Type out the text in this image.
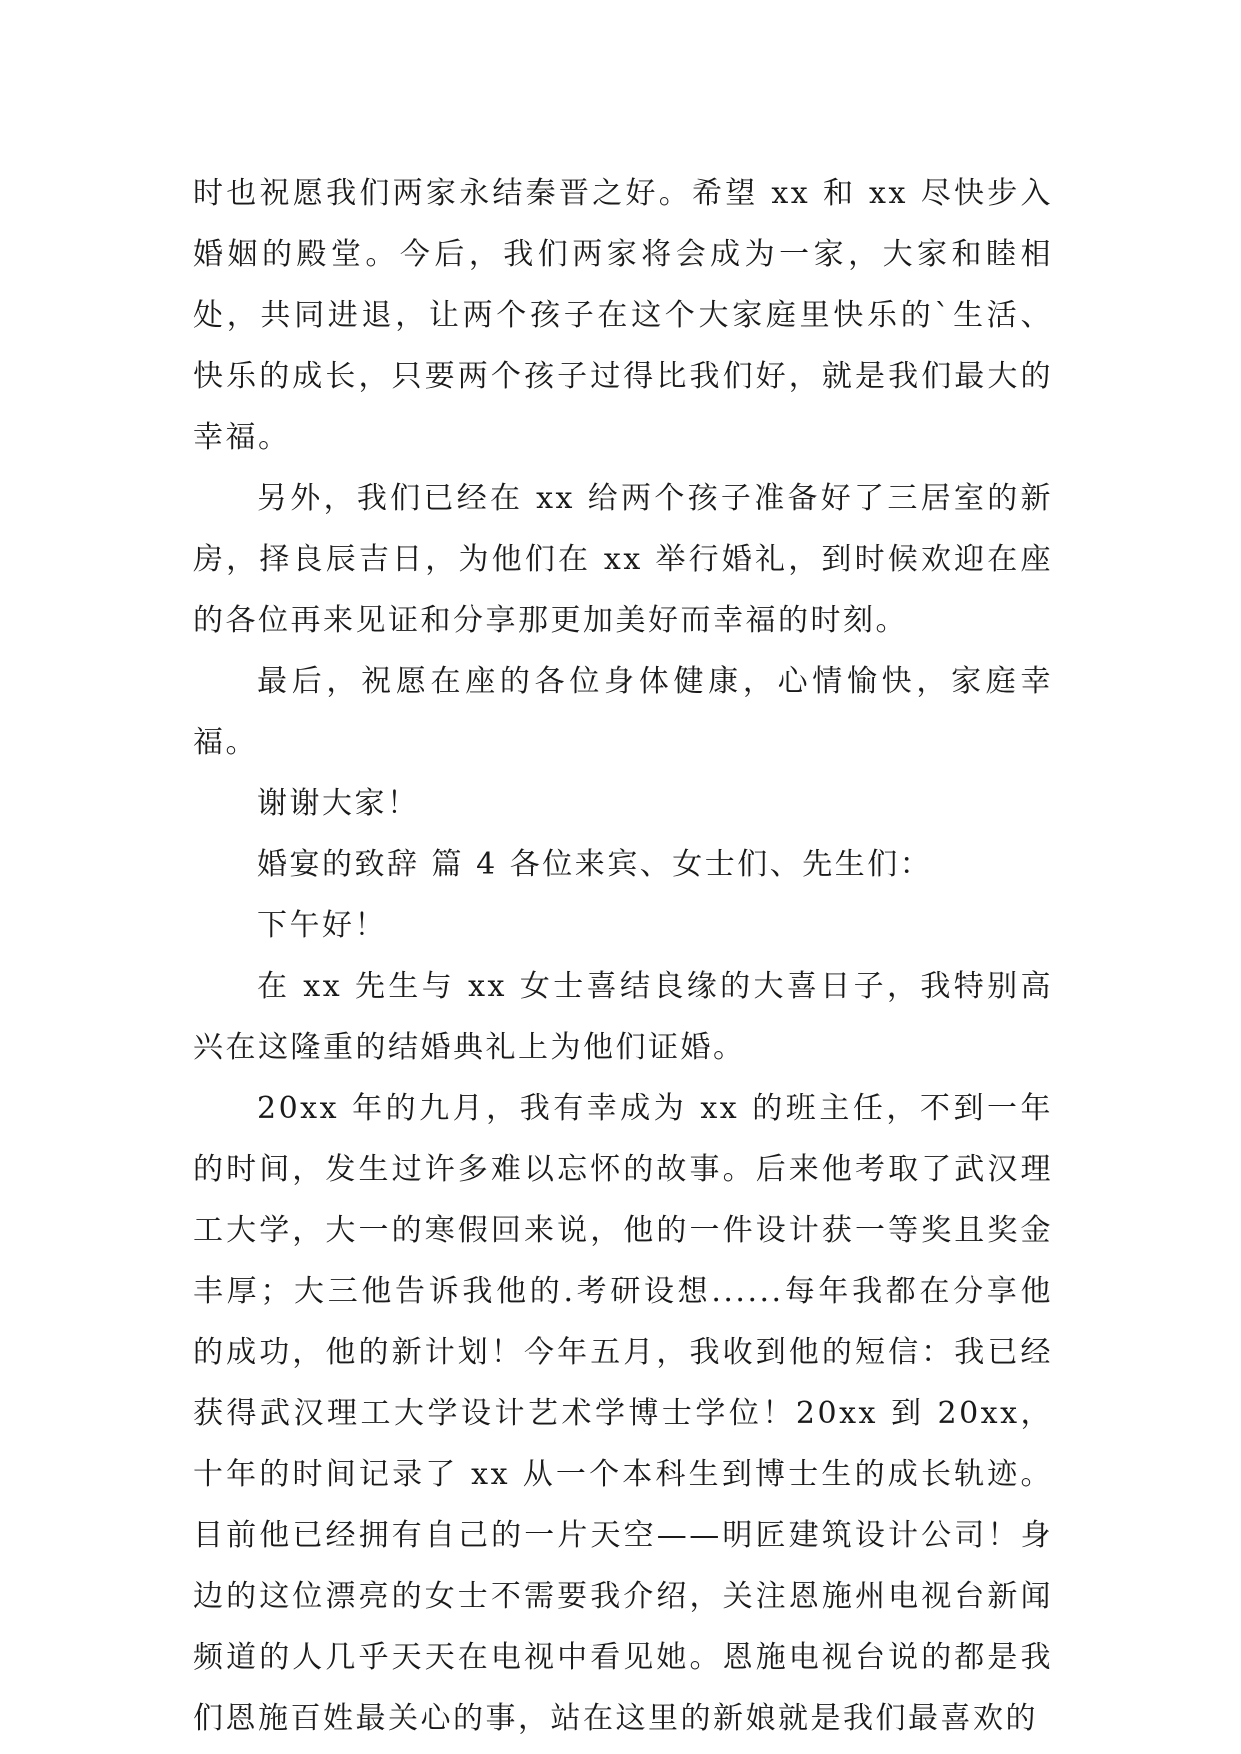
时也祝愿我们两家永结秦晋之好。希望 xx 和 xx 尽快步入婚姻的殿堂。今后，我们两家将会成为一家，大家和睦相处，共同进退，让两个孩子在这个大家庭里快乐的`生活、快乐的成长，只要两个孩子过得比我们好，就是我们最大的幸福。

另外，我们已经在 xx 给两个孩子准备好了三居室的新房，择良辰吉日，为他们在 xx 举行婚礼，到时候欢迎在座的各位再来见证和分享那更加美好而幸福的时刻。

最后，祝愿在座的各位身体健康，心情愉快，家庭幸福。

谢谢大家！

婚宴的致辞 篇 4 各位来宾、女士们、先生们：

下午好！

在 xx 先生与 xx 女士喜结良缘的大喜日子，我特别高兴在这隆重的结婚典礼上为他们证婚。

20xx 年的九月，我有幸成为 xx 的班主任，不到一年的时间，发生过许多难以忘怀的故事。后来他考取了武汉理工大学，大一的寒假回来说，他的一件设计获一等奖且奖金丰厚；大三他告诉我他的.考研设想......每年我都在分享他的成功，他的新计划！今年五月，我收到他的短信：我已经获得武汉理工大学设计艺术学博士学位！20xx 到 20xx，十年的时间记录了 xx 从一个本科生到博士生的成长轨迹。目前他已经拥有自己的一片天空——明匠建筑设计公司！身边的这位漂亮的女士不需要我介绍，关注恩施州电视台新闻频道的人几乎天天在电视中看见她。恩施电视台说的都是我们恩施百姓最关心的事，站在这里的新娘就是我们最喜欢的
